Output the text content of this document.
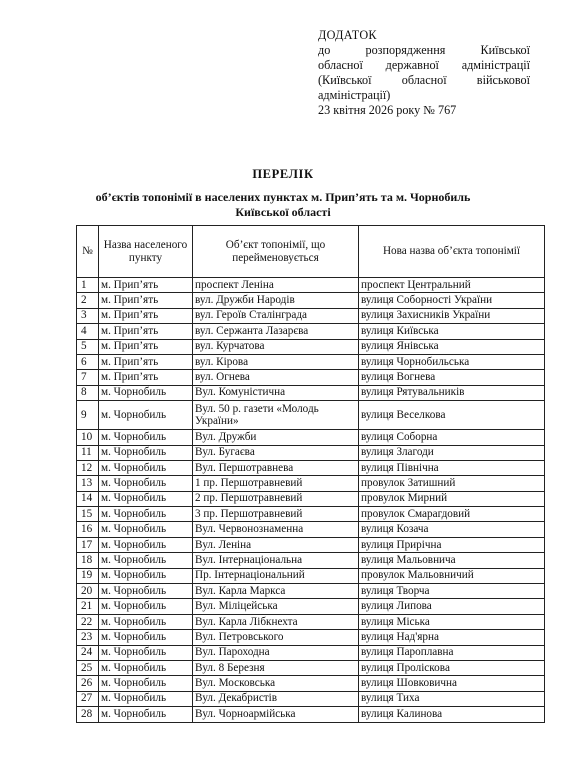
ДОДАТОК
до розпорядження Київської
обласної державної адміністрації
(Київської обласної військової
адміністрації)
23 квітня 2026 року № 767
ПЕРЕЛІК
об’єктів топонімії в населених пунктах м. Прип’ять та м. Чорнобиль
Київської області
№	Назва населеного пункту	Об’єкт топонімії, що перейменовується	Нова назва об’єкта топонімії
1	м. Прип’ять	проспект Леніна	проспект Центральний
2	м. Прип’ять	вул. Дружби Народів	вулиця Соборності України
3	м. Прип’ять	вул. Героїв Сталінграда	вулиця Захисників України
4	м. Прип’ять	вул. Сержанта Лазарєва	вулиця Київська
5	м. Прип’ять	вул. Курчатова	вулиця Янівська
6	м. Прип’ять	вул. Кірова	вулиця Чорнобильська
7	м. Прип’ять	вул. Огнева	вулиця Вогнева
8	м. Чорнобиль	Вул. Комуністична	вулиця Рятувальників
9	м. Чорнобиль	Вул. 50 р. газети «Молодь України»	вулиця Веселкова
10	м. Чорнобиль	Вул. Дружби	вулиця Соборна
11	м. Чорнобиль	Вул. Бугаєва	вулиця Злагоди
12	м. Чорнобиль	Вул. Першотравнева	вулиця Північна
13	м. Чорнобиль	1 пр. Першотравневий	провулок Затишний
14	м. Чорнобиль	2 пр. Першотравневий	провулок Мирний
15	м. Чорнобиль	3 пр. Першотравневий	провулок Смарагдовий
16	м. Чорнобиль	Вул. Червонознаменна	вулиця Козача
17	м. Чорнобиль	Вул. Леніна	вулиця Прирічна
18	м. Чорнобиль	Вул. Інтернаціональна	вулиця Мальовнича
19	м. Чорнобиль	Пр. Інтернаціональний	провулок Мальовничий
20	м. Чорнобиль	Вул. Карла Маркса	вулиця Творча
21	м. Чорнобиль	Вул. Міліцейська	вулиця Липова
22	м. Чорнобиль	Вул. Карла Лібкнехта	вулиця Міська
23	м. Чорнобиль	Вул. Петровського	вулиця Над'ярна
24	м. Чорнобиль	Вул. Пароходна	вулиця Пароплавна
25	м. Чорнобиль	Вул. 8 Березня	вулиця Пролісковa
26	м. Чорнобиль	Вул. Московська	вулиця Шовковична
27	м. Чорнобиль	Вул. Декабристів	вулиця Тиха
28	м. Чорнобиль	Вул. Чорноармійська	вулиця Калинова
